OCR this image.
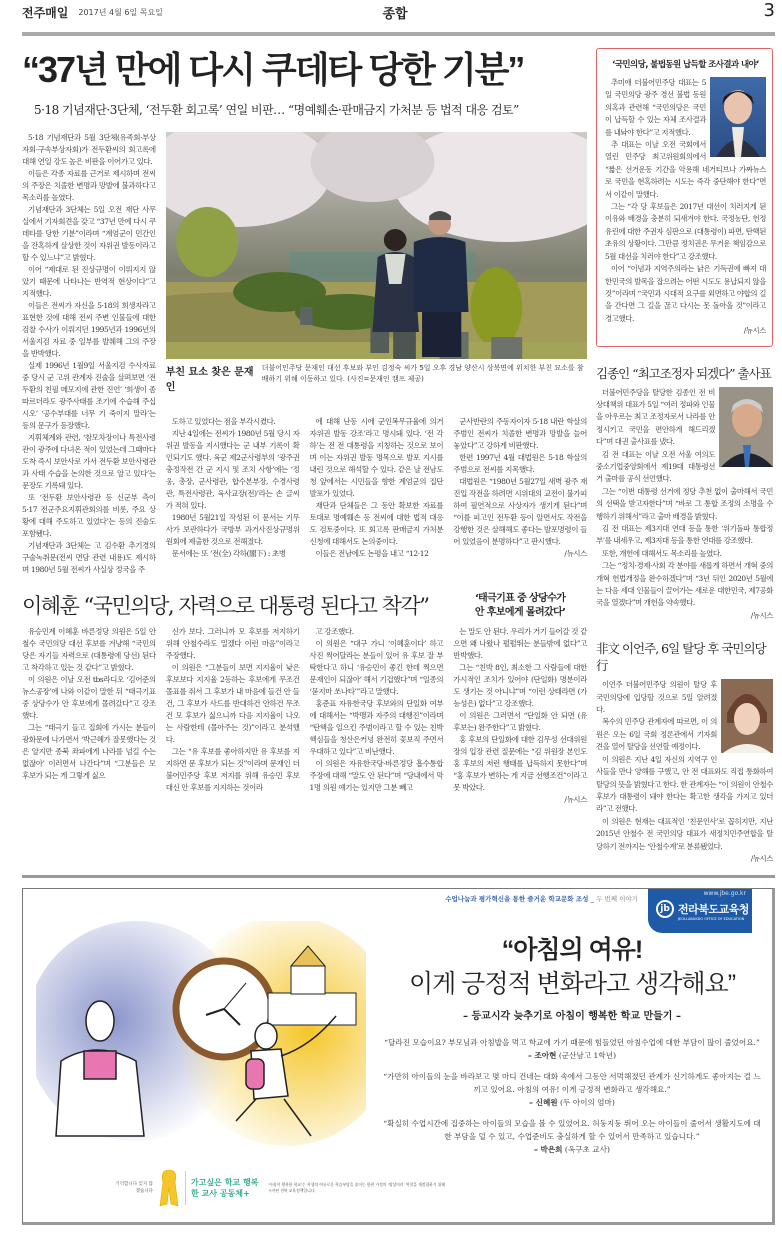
전주매일 2017년 4월 6일 목요일	종합	3
“37년 만에 다시 쿠데타 당한 기분”
5·18 기념재단·3단체, ‘전두환 회고록’ 연일 비판… “명예훼손·판매금지 가처분 등 법적 대응 검토”

5·18 기념재단과 5월 3단체(유족회·부상자회·구속부상자회)가 전두환씨의 회고록에 대해 연일 강도 높은 비판을 이어가고 있다.

이들은 각종 자료를 근거로 제시하며 전씨의 주장은 치졸한 변명과 망발에 불과하다고 목소리를 높였다.

기념재단과 3단체는 5일 오전 재단 사무실에서 기자회견을 갖고 “37년 만에 다시 쿠데타를 당한 기분”이라며 “계엄군이 민간인을 잔혹하게 살상한 것이 자위권 발동이라고 할 수 있느냐”고 밝혔다.

이어 “제대로 된 진상규명이 이뤄지지 않았기 때문에 나타나는 반역적 현상이다”고 지적했다.

이들은 전씨가 자신을 5·18의 희생자라고 표현한 것에 대해 전씨 주변 인물들에 대한 검찰 수사가 이뤄지던 1995년과 1996년의 서울지검 자료 중 일부를 발췌해 그의 주장을 반박했다.

실제 1996년 1월9일 서울지검 수사자료 중 당시 군 고위 관계자 진술을 살펴보면 ‘전두환의 친필 메모지에 관한 진언’ ‘희생이 좀 따르더라도 광주사태를 조기에 수습해 주십시오’ ‘공수부대를 너무 기 죽이지 말라’는 등의 문구가 등장했다.

지휘체계와 관련, ‘참모차장이나 특전사령관이 광주에 다녀온 적이 있었는데 그때마다 도착 즉시 보안사로 가서 전두환 보안사령관과 사태 수습을 논의한 것으로 알고 있다’는 문장도 기록돼 있다.

또 ‘전두환 보안사령관 등 신군부 측이 5·17 전군주요지휘관회의를 비롯, 주요 상황에 대해 주도하고 있었다’는 등의 진술도 포함됐다.

기념재단과 3단체는 고 김수환 추기경의 구술녹취문(전씨 면담 관련 내용)도 제시하며 1980년 5월 전씨가 사실상 정국을 주

부친 묘소 찾은 문재인
더불어민주당 문재인 대선 후보와 부인 김정숙 씨가 5일 오후 경남 양산시 상북면에 위치한 부친 묘소를 참배하기 위해 이동하고 있다. (사진=문재인 캠프 제공)

도하고 있었다는 점을 부각시켰다.

지난 4일에는 전씨가 1980년 5월 당시 자위권 발동을 지시했다는 군 내부 기록이 확인되기도 했다. 육군 제2군사령부의 ‘광주권 충정작전 간 군 지시 및 조치 사항’에는 ‘정웅, 총장, 군사령관, 합수본부장, 수경사령관, 특전사령관, 육사교장(전)’라는 손 글씨가 적혀 있다.

1980년 5월21일 작성된 이 문서는 기무사가 보관하다가 국방부 과거사진상규명위원회에 제출한 것으로 전해졌다.

문서에는 또 ‘전(全) 각하(閣下) : 초병

에 대해 난동 시에 군인복무규율에 의거 자위권 발동 강조’라고 명시돼 있다. ‘전 각하’는 전 전 대통령을 지칭하는 것으로 보이며 이는 자위권 발동 명목으로 발포 지시를 내린 것으로 해석할 수 있다. 같은 날 전남도청 앞에서는 시민들을 향한 계엄군의 집단 발포가 있었다.

재단과 단체들은 그 동안 확보한 자료를 토대로 명예훼손 등 전씨에 대한 법적 대응도 검토중이다. 또 회고록 판매금지 가처분 신청에 대해서도 논의중이다.

이들은 전남에도 논평을 내고 “12·12

군사반란의 주동자이자 5·18 내란 학살의 주범인 전씨가 치졸한 변명과 망발을 늘어 놓았다”고 강하게 비판했다.

한편 1997년 4월 대법원은 5·18 학살의 주범으로 전씨를 지목했다.

대법원은 “1980년 5월27일 새벽 광주 재진입 작전을 하려면 시위대의 교전이 불가피하여 필연적으로 사상자가 생기게 된다”며 “이를 피고인 전두환 등이 알면서도 작전을 강행한 것은 살해해도 좋다는 발포명령이 들어 있었음이 분명하다”고 판시했다.

/뉴시스

이혜훈 “국민의당, 자력으로 대통령 된다고 착각”	‘태극기표 중 상당수가
안 후보에게 몰려갔다’

유승민계 이혜훈 바른정당 의원은 5일 안철수 국민의당 대선 후보를 겨냥해 “국민의당은 자기들 자력으로 (대통령에 당선) 된다고 착각하고 있는 것 같다”고 밝혔다.

이 의원은 이날 오전 tbs라디오 ‘김어준의 뉴스공장’에 나와 이같이 말한 뒤 “태극기표 중 상당수가 안 후보에게 몰려갔다”고 강조했다.

그는 “태극기 들고 집회에 가시는 분들이 광화문에 나가면서 ‘박근혜가 잘못했다는 것은 알지만 종북 좌파에게 나라를 넘길 수는 없잖아’ 이러면서 나간다”며 “그분들은 모 후보가 되는 게 그렇게 싫으

신가 보다. 그러니까 모 후보를 저지하기 위해 안철수라도 밀겠다 이런 마음”이라고 주장했다.

이 의원은 “그분들이 보면 지지율이 낮은 후보보다 지지율 2등하는 후보에게 무조건 몰표를 줘서 그 후보가 내 마음에 들건 안 들건, 그 후보가 사드를 반대하건 안하건 무조건 모 후보가 싫으니까 다음 지지율이 나오는 사람한테 (몰아주는 것)”이라고 분석했다.

그는 “유 후보를 좋아하지만 유 후보를 지지하면 문 후보가 되는 것”이라며 문재인 더불어민주당 후보 저지를 위해 유승민 후보 대신 안 후보를 지지하는 것이라

고 강조했다.

이 의원은 “대구 가니 ‘이혜훈이다’ 하고 사진 찍어달라는 분들이 있어 유 후보 잘 부탁한다고 하니 ‘유승민이 좋긴 한데 찍으면 문재인이 되잖아’ 해서 기겁했다”며 “일종의 ‘묻지마 쏘나타’”라고 말했다.

홍준표 자유한국당 후보와의 단일화 여부에 대해서는 “박맹과 자주의 대행진”이라며 “탄핵을 일으킨 주범이라고 할 수 있는 친박 핵심들을 청산은커녕 완전히 꽃보직 주면서 우대하고 있다”고 비난했다.

이 의원은 자유한국당-바른정당 흡수통합 주장에 대해 “말도 안 된다”며 “당내에서 막 1명 의원 얘기는 있지만 그분 빼고

는 말도 안 된다. 우리가 거기 들어갈 것 같으면 왜 나왔나 펄펄뛰는 분들밖에 없다”고 반박했다.

그는 “친박 8인, 최소한 그 사람들에 대한 가시적인 조치가 있어야 (단일화) 명분이라도 생기는 것 아니냐”며 “이런 상태라면 (가능성은) 없다”고 강조했다.

이 의원은 그러면서 “단일화 안 되면 (유 후보는) 완주한다”고 밝혔다.

홍 후보의 단일화에 대한 김무성 선대위원장의 입장 관련 질문에는 “김 위원장 본인도 홍 후보의 저런 행태를 납득하지 못한다”며 “홍 후보가 변하는 게 지금 선행조건”이라고 못 박았다.

/뉴시스

‘국민의당, 불법동원 납득할 조사결과 내야’

추미애 더불어민주당 대표는 5일 국민의당 광주 경선 불법 동원 의혹과 관련해 “국민의당은 국민이 납득할 수 있는 자체 조사결과를 내놔야 한다”고 지적했다.

추 대표는 이날 오전 국회에서 열린 민주당 최고위원회의에서 “짧은 선거운동 기간을 악용해 네거티브나 가짜뉴스로 국민을 현혹하려는 시도는 즉각 중단해야 한다”면서 이같이 말했다.

그는 “각 당 후보들은 2017년 대선이 치러지게 된 이유와 배경을 충분히 되새겨야 한다. 국정농단, 헌정유린에 대한 주권자 심판으로 (대통령이) 파면, 탄핵된 초유의 상황이다. 그만큼 정치권은 무거운 책임감으로 5월 대선을 치러야 한다”고 강조했다.

이어 “이념과 지역주의라는 낡은 기득권에 빠져 대한민국의 발목을 잡으려는 어떤 시도도 용납되지 않을 것”이라며 “국민과 시대적 요구를 외면하고 야합의 길을 간다면 그 길을 끊고 다시는 못 돌아올 것”이라고 경고했다.

/뉴시스

김종인 “최고조정자 되겠다” 출사표

더불어민주당을 탈당한 김종인 전 비상대책위 대표가 5일 “여러 정파와 인물을 아우르는 최고 조정자로서 나라를 안정시키고 국민을 편안하게 해드리겠다”며 대권 출사표를 냈다.

김 전 대표는 이날 오전 서울 여의도 중소기업중앙회에서 제19대 대통령선거 출마를 공식 선언했다.

그는 “이번 대통령 선거에 정당 추천 없이 출마해서 국민의 선택을 받고자한다”며 “바로 그 통합 조정의 소명을 수행하기 위해서”라고 출마 배경을 밝혔다.

김 전 대표는 제3지대 연대 등을 통한 ‘위기돌파 통합정부’를 내세우고, 제3지대 등을 통한 연대를 강조했다.

또한, 개헌에 대해서도 목소리를 높였다.

그는 “정치·경제·사회 각 분야를 새롭게 하면서 개혁 중의 개혁 헌법개정을 완수하겠다”며 “3년 뒤인 2020년 5월에는 다음 세대 인물들이 끌어가는 새로운 대한민국, 제7공화국을 열겠다”며 개헌을 약속했다.

/뉴시스

非文 이언주, 6일 탈당 후 국민의당行

이언주 더불어민주당 의원이 탈당 후 국민의당에 입당할 것으로 5일 알려졌다.

복수의 민주당 관계자에 따르면, 이 의원은 오는 6일 국회 정론관에서 기자회견을 열어 탈당을 선언할 예정이다.

이 의원은 지난 4일 자신의 지역구 인사들을 만나 양해를 구했고, 안 전 대표와도 직접 통화하여 탈당의 뜻을 밝혔다고 한다. 한 관계자는 “이 의원이 안철수 후보가 대통령이 돼야 한다는 확고한 생각을 가지고 있더라”고 전했다.

이 의원은 현재는 대표적인 ‘친문인사’로 꼽히지만, 지난 2015년 안철수 전 국민의당 대표가 새정치민주연합을 탈당하기 전까지는 ‘안철수계’로 분류됐었다.

/뉴시스

수업나눔과 평가혁신을 통한 즐거운 학교문화 조성 _ 두 번째 이야기
www.jbe.go.kr
jb 전라북도교육청
JEOLLABUKDO OFFICE OF EDUCATION
“아침의 여유!
이게 긍정적 변화라고 생각해요”
– 등교시각 늦추기로 아침이 행복한 학교 만들기 –
“달라진 모습이요? 부모님과 아침밥을 먹고 학교에 가기 때문에 힘들었던 아침수업에 대한 부담이 많이 줄었어요.” – 조아현 (군산남고 1학년)
“가만히 아이들의 눈을 바라보고 몇 마디 건네는 대화 속에서 그동안 서먹해졌던 관계가 신기하게도 좋아지는 걸 느끼고 있어요. 아침의 여유! 이게 긍정적 변화라고 생각해요.”
– 신혜원 (두 아이의 엄마)
“확실히 수업시간에 집중하는 아이들의 모습을 볼 수 있었어요. 허둥지둥 뛰어 오는 아이들이 줄어서 생활지도에 대한 부담을 덜 수 있고, 수업준비도 충실하게 할 수 있어서 만족하고 있습니다.”
– 박은희 (옥구초 교사)
기억합니다 잊지 않겠습니다
가고싶은 학교 행복한 교사 공동체+
‘아침이 행복한 학교’는 학생의 여유로운 학습부담을 줄이는 한편 가정의 ‘밥상머리’ 역할을 재정립하기 위해 시작된 전북 교육정책입니다.
